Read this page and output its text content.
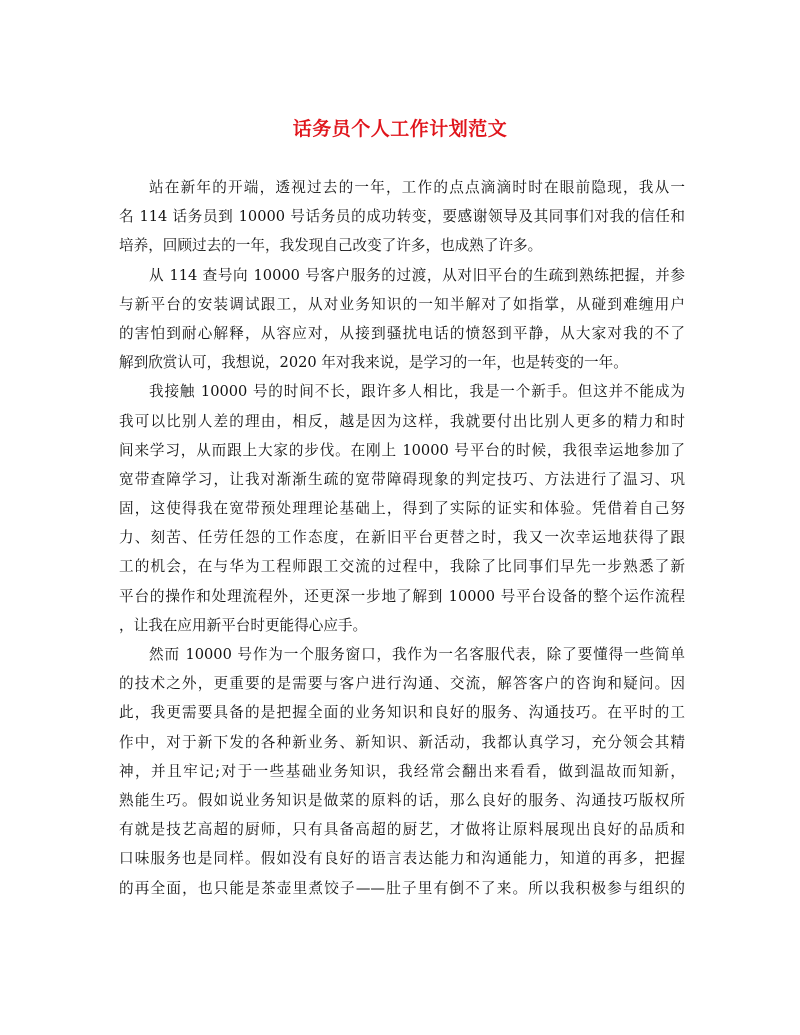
话务员个人工作计划范文
站在新年的开端，透视过去的一年，工作的点点滴滴时时在眼前隐现，我从一
名 114 话务员到 10000 号话务员的成功转变，要感谢领导及其同事们对我的信任和
培养，回顾过去的一年，我发现自己改变了许多，也成熟了许多。
从 114 查号向 10000 号客户服务的过渡，从对旧平台的生疏到熟练把握，并参
与新平台的安装调试跟工，从对业务知识的一知半解对了如指掌，从碰到难缠用户
的害怕到耐心解释，从容应对，从接到骚扰电话的愤怒到平静，从大家对我的不了
解到欣赏认可，我想说，2020 年对我来说，是学习的一年，也是转变的一年。
我接触 10000 号的时间不长，跟许多人相比，我是一个新手。但这并不能成为
我可以比别人差的理由，相反，越是因为这样，我就要付出比别人更多的精力和时
间来学习，从而跟上大家的步伐。在刚上 10000 号平台的时候，我很幸运地参加了
宽带查障学习，让我对渐渐生疏的宽带障碍现象的判定技巧、方法进行了温习、巩
固，这使得我在宽带预处理理论基础上，得到了实际的证实和体验。凭借着自己努
力、刻苦、任劳任怨的工作态度，在新旧平台更替之时，我又一次幸运地获得了跟
工的机会，在与华为工程师跟工交流的过程中，我除了比同事们早先一步熟悉了新
平台的操作和处理流程外，还更深一步地了解到 10000 号平台设备的整个运作流程
，让我在应用新平台时更能得心应手。
然而 10000 号作为一个服务窗口，我作为一名客服代表，除了要懂得一些简单
的技术之外，更重要的是需要与客户进行沟通、交流，解答客户的咨询和疑问。因
此，我更需要具备的是把握全面的业务知识和良好的服务、沟通技巧。在平时的工
作中，对于新下发的各种新业务、新知识、新活动，我都认真学习，充分领会其精
神，并且牢记;对于一些基础业务知识，我经常会翻出来看看，做到温故而知新，
熟能生巧。假如说业务知识是做菜的原料的话，那么良好的服务、沟通技巧版权所
有就是技艺高超的厨师，只有具备高超的厨艺，才做将让原料展现出良好的品质和
口味服务也是同样。假如没有良好的语言表达能力和沟通能力，知道的再多，把握
的再全面，也只能是茶壶里煮饺子——肚子里有倒不了来。所以我积极参与组织的
